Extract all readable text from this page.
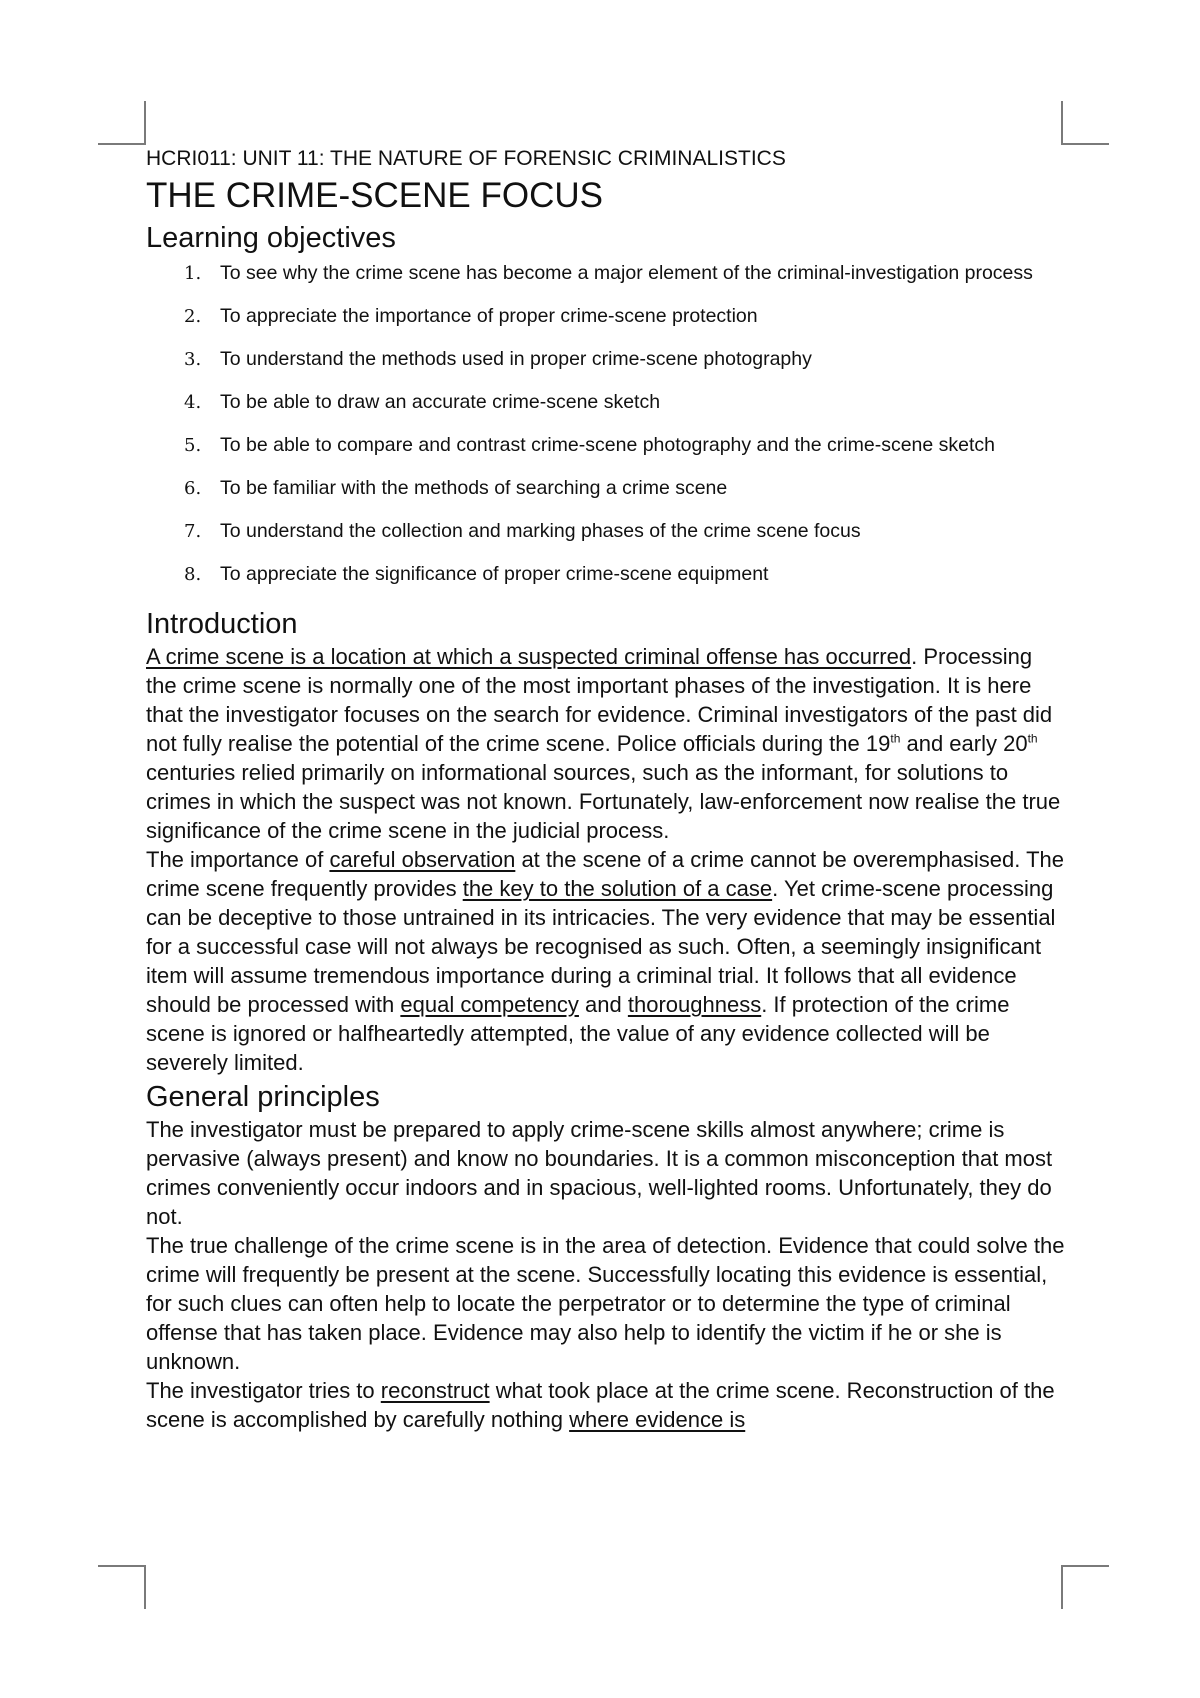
HCRI011: UNIT 11: THE NATURE OF FORENSIC CRIMINALISTICS
THE CRIME-SCENE FOCUS
Learning objectives
1. To see why the crime scene has become a major element of the criminal-investigation process
2. To appreciate the importance of proper crime-scene protection
3. To understand the methods used in proper crime-scene photography
4. To be able to draw an accurate crime-scene sketch
5. To be able to compare and contrast crime-scene photography and the crime-scene sketch
6. To be familiar with the methods of searching a crime scene
7. To understand the collection and marking phases of the crime scene focus
8. To appreciate the significance of proper crime-scene equipment
Introduction

A crime scene is a location at which a suspected criminal offense has occurred. Processing the crime scene is normally one of the most important phases of the investigation. It is here that the investigator focuses on the search for evidence. Criminal investigators of the past did not fully realise the potential of the crime scene. Police officials during the 19th and early 20th centuries relied primarily on informational sources, such as the informant, for solutions to crimes in which the suspect was not known. Fortunately, law-enforcement now realise the true significance of the crime scene in the judicial process.

The importance of careful observation at the scene of a crime cannot be overemphasised. The crime scene frequently provides the key to the solution of a case. Yet crime-scene processing can be deceptive to those untrained in its intricacies. The very evidence that may be essential for a successful case will not always be recognised as such. Often, a seemingly insignificant item will assume tremendous importance during a criminal trial. It follows that all evidence should be processed with equal competency and thoroughness. If protection of the crime scene is ignored or halfheartedly attempted, the value of any evidence collected will be severely limited.

General principles

The investigator must be prepared to apply crime-scene skills almost anywhere; crime is pervasive (always present) and know no boundaries. It is a common misconception that most crimes conveniently occur indoors and in spacious, well-lighted rooms. Unfortunately, they do not.

The true challenge of the crime scene is in the area of detection. Evidence that could solve the crime will frequently be present at the scene. Successfully locating this evidence is essential, for such clues can often help to locate the perpetrator or to determine the type of criminal offense that has taken place. Evidence may also help to identify the victim if he or she is unknown.

The investigator tries to reconstruct what took place at the crime scene. Reconstruction of the scene is accomplished by carefully nothing where evidence is
